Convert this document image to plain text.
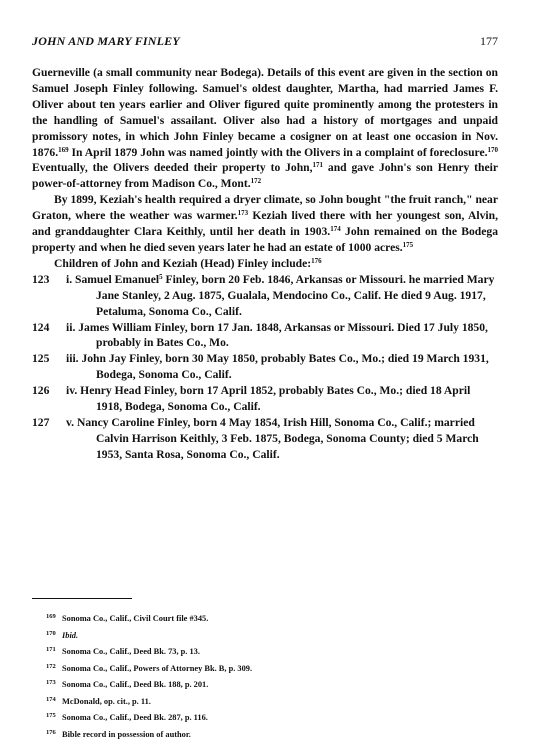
JOHN AND MARY FINLEY	177

Guerneville (a small community near Bodega). Details of this event are given in the section on Samuel Joseph Finley following. Samuel's oldest daughter, Martha, had married James F. Oliver about ten years earlier and Oliver figured quite prominently among the protesters in the handling of Samuel's assailant. Oliver also had a history of mortgages and unpaid promissory notes, in which John Finley became a cosigner on at least one occasion in Nov. 1876.$^{169}$ In April 1879 John was named jointly with the Olivers in a complaint of foreclosure.$^{170}$ Eventually, the Olivers deeded their property to John,$^{171}$ and gave John's son Henry their power-of-attorney from Madison Co., Mont.$^{172}$

By 1899, Keziah's health required a dryer climate, so John bought "the fruit ranch," near Graton, where the weather was warmer.$^{173}$ Keziah lived there with her youngest son, Alvin, and granddaughter Clara Keithly, until her death in 1903.$^{174}$ John remained on the Bodega property and when he died seven years later he had an estate of 1000 acres.$^{175}$

Children of John and Keziah (Head) Finley include:$^{176}$

123	i. Samuel Emanuel$^5$ Finley, born 20 Feb. 1846, Arkansas or Missouri. he married Mary Jane Stanley, 2 Aug. 1875, Gualala, Mendocino Co., Calif. He died 9 Aug. 1917, Petaluma, Sonoma Co., Calif.
124	ii. James William Finley, born 17 Jan. 1848, Arkansas or Missouri. Died 17 July 1850, probably in Bates Co., Mo.
125	iii. John Jay Finley, born 30 May 1850, probably Bates Co., Mo.; died 19 March 1931, Bodega, Sonoma Co., Calif.
126	iv. Henry Head Finley, born 17 April 1852, probably Bates Co., Mo.; died 18 April 1918, Bodega, Sonoma Co., Calif.
127	v. Nancy Caroline Finley, born 4 May 1854, Irish Hill, Sonoma Co., Calif.; married Calvin Harrison Keithly, 3 Feb. 1875, Bodega, Sonoma County; died 5 March 1953, Santa Rosa, Sonoma Co., Calif.
169 Sonoma Co., Calif., Civil Court file #345.
170 Ibid.
171 Sonoma Co., Calif., Deed Bk. 73, p. 13.
172 Sonoma Co., Calif., Powers of Attorney Bk. B, p. 309.
173 Sonoma Co., Calif., Deed Bk. 188, p. 201.
174 McDonald, op. cit., p. 11.
175 Sonoma Co., Calif., Deed Bk. 287, p. 116.
176 Bible record in possession of author.
